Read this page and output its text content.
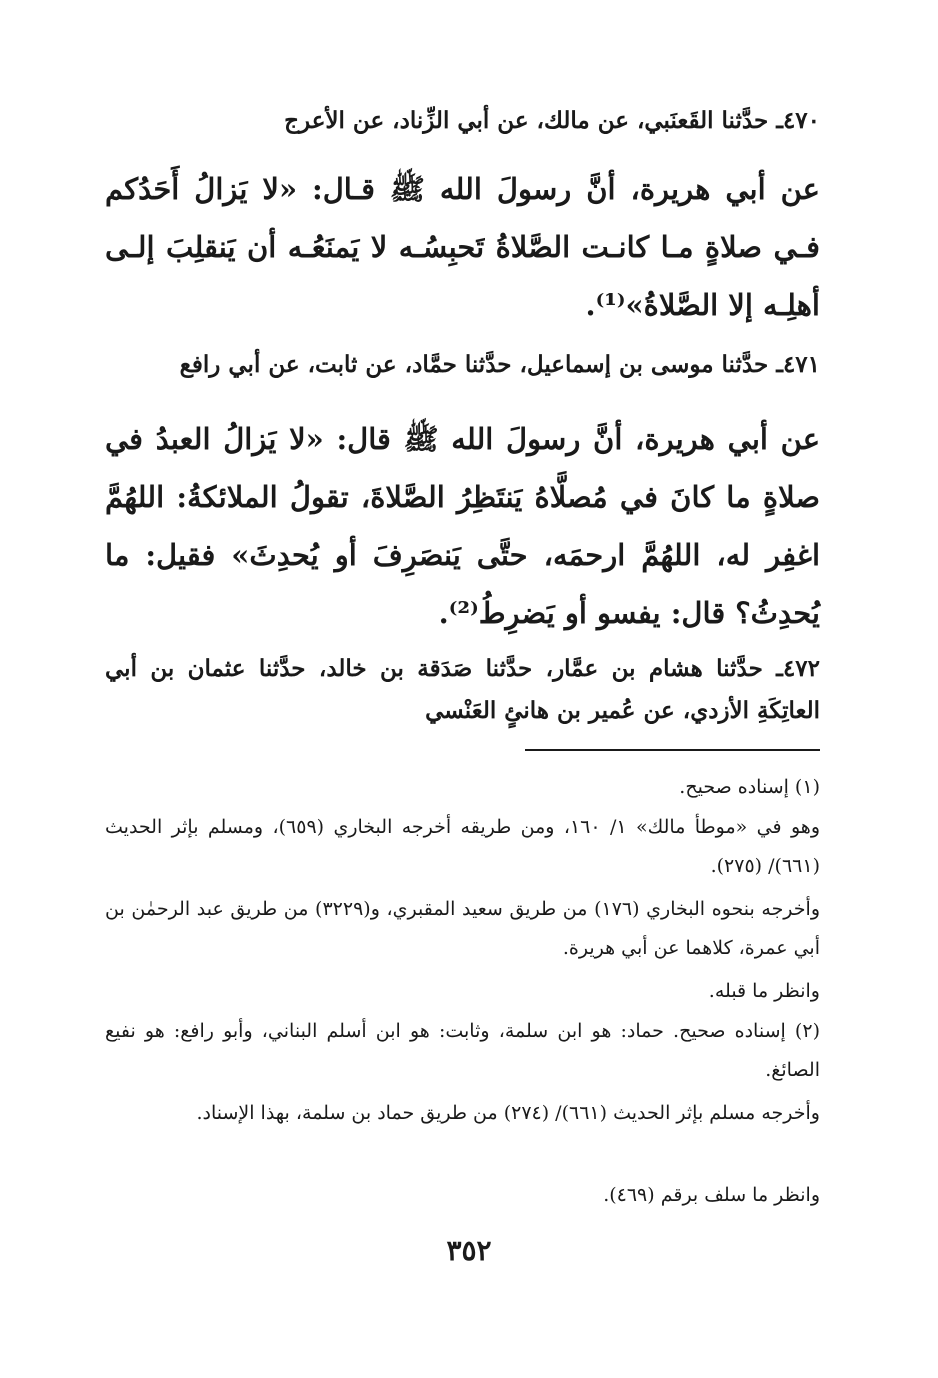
٤٧٠ـ حدَّثنا القَعنَبي، عن مالك، عن أبي الزِّناد، عن الأعرج

عن أبي هريرة، أنَّ رسولَ الله ﷺ قـال: «لا يَزالُ أَحَدُكم فـي صلاةٍ مـا كانـت الصَّلاةُ تَحبِسُـه لا يَمنَعُـه أن يَنقلِبَ إلـى أهلِـه إلا الصَّلاةُ»⁽¹⁾.

٤٧١ـ حدَّثنا موسى بن إسماعيل، حدَّثنا حمَّاد، عن ثابت، عن أبي رافع

عن أبي هريرة، أنَّ رسولَ الله ﷺ قال: «لا يَزالُ العبدُ في صلاةٍ ما كانَ في مُصلَّاهُ يَنتَظِرُ الصَّلاةَ، تقولُ الملائكةُ: اللهُمَّ اغفِر له، اللهُمَّ ارحمَه، حتَّى يَنصَرِفَ أو يُحدِثَ» فقيل: ما يُحدِثُ؟ قال: يفسو أو يَضرِطُ⁽²⁾.

٤٧٢ـ حدَّثنا هشام بن عمَّار، حدَّثنا صَدَقة بن خالد، حدَّثنا عثمان بن أبي العاتِكَةِ الأزدي، عن عُمير بن هانئٍ العَنْسي

(١) إسناده صحيح.

وهو في «موطأ مالك» ١/ ١٦٠، ومن طريقه أخرجه البخاري (٦٥٩)، ومسلم بإثر الحديث (٦٦١)/ (٢٧٥).

وأخرجه بنحوه البخاري (١٧٦) من طريق سعيد المقبري، و(٣٢٢٩) من طريق عبد الرحمٰن بن أبي عمرة، كلاهما عن أبي هريرة.

وانظر ما قبله.

(٢) إسناده صحيح. حماد: هو ابن سلمة، وثابت: هو ابن أسلم البناني، وأبو رافع: هو نفيع الصائغ.

وأخرجه مسلم بإثر الحديث (٦٦١)/ (٢٧٤) من طريق حماد بن سلمة، بهذا الإسناد.

وانظر ما سلف برقم (٤٦٩).

٣٥٢
